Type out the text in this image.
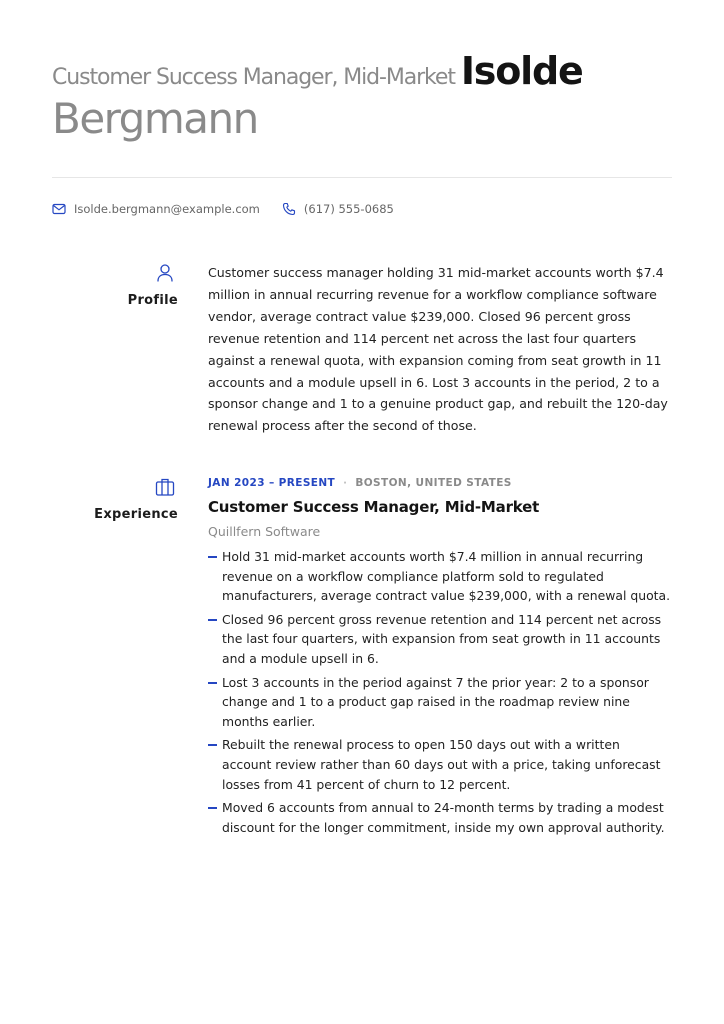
Customer Success Manager, Mid-Market Isolde
Bergmann
Isolde.bergmann@example.com	(617) 555-0685
Profile

Customer success manager holding 31 mid-market accounts worth $7.4 million in annual recurring revenue for a workflow compliance software vendor, average contract value $239,000. Closed 96 percent gross revenue retention and 114 percent net across the last four quarters against a renewal quota, with expansion coming from seat growth in 11 accounts and a module upsell in 6. Lost 3 accounts in the period, 2 to a sponsor change and 1 to a genuine product gap, and rebuilt the 120-day renewal process after the second of those.

Experience
JAN 2023 – PRESENT · BOSTON, UNITED STATES
Customer Success Manager, Mid-Market
Quillfern Software
Hold 31 mid-market accounts worth $7.4 million in annual recurring revenue on a workflow compliance platform sold to regulated manufacturers, average contract value $239,000, with a renewal quota.
Closed 96 percent gross revenue retention and 114 percent net across the last four quarters, with expansion from seat growth in 11 accounts and a module upsell in 6.
Lost 3 accounts in the period against 7 the prior year: 2 to a sponsor change and 1 to a product gap raised in the roadmap review nine months earlier.
Rebuilt the renewal process to open 150 days out with a written account review rather than 60 days out with a price, taking unforecast losses from 41 percent of churn to 12 percent.
Moved 6 accounts from annual to 24-month terms by trading a modest discount for the longer commitment, inside my own approval authority.
